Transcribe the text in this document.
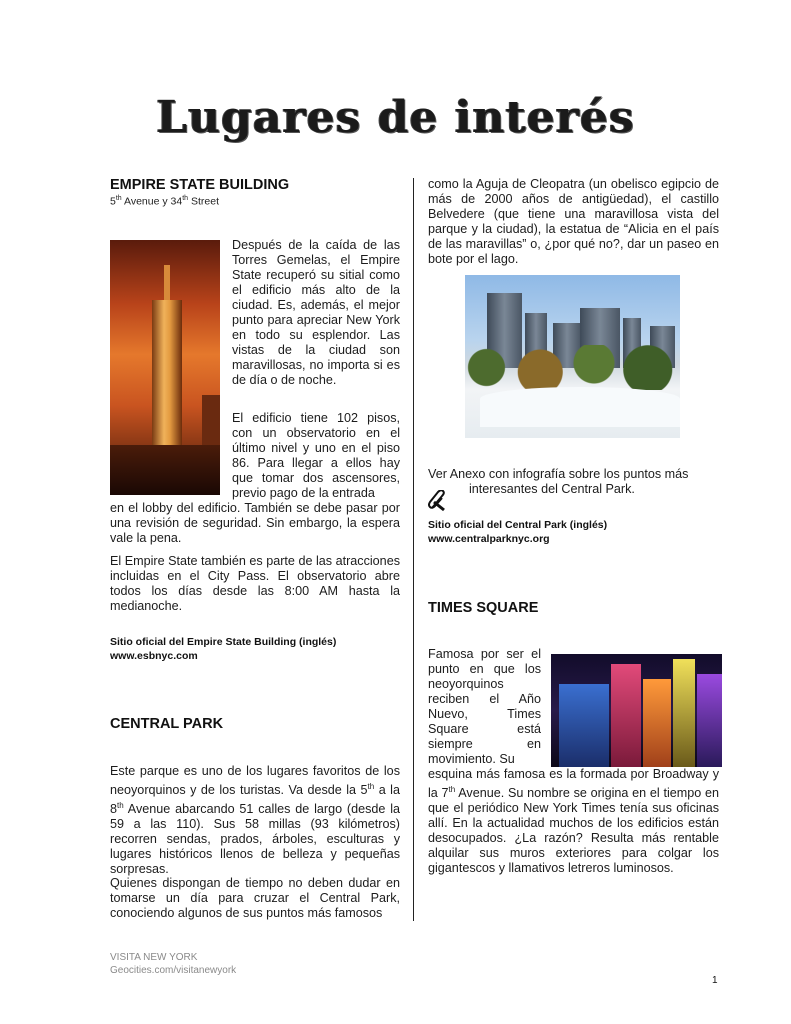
Lugares de interés
EMPIRE STATE BUILDING
5th Avenue y 34th Street
Después de la caída de las Torres Gemelas, el Empire State recuperó su sitial como el edificio más alto de la ciudad. Es, además, el mejor punto para apreciar New York en todo su esplendor. Las vistas de la ciudad son maravillosas, no importa si es de día o de noche.
El edificio tiene 102 pisos, con un observatorio en el último nivel y uno en el piso 86. Para llegar a ellos hay que tomar dos ascensores, previo pago de la entrada
en el lobby del edificio. También se debe pasar por una revisión de seguridad. Sin embargo, la espera vale la pena.
El Empire State también es parte de las atracciones incluidas en el City Pass. El observatorio abre todos los días desde las 8:00 AM hasta la medianoche.
Sitio oficial del Empire State Building (inglés)
www.esbnyc.com
CENTRAL PARK
Este parque es uno de los lugares favoritos de los neoyorquinos y de los turistas. Va desde la 5th a la 8th Avenue abarcando 51 calles de largo (desde la 59 a las 110). Sus 58 millas (93 kilómetros) recorren sendas, prados, árboles, esculturas y lugares históricos llenos de belleza y pequeñas sorpresas.
Quienes dispongan de tiempo no deben dudar en tomarse un día para cruzar el Central Park, conociendo algunos de sus puntos más famosos
como la Aguja de Cleopatra (un obelisco egipcio de más de 2000 años de antigüedad), el castillo Belvedere (que tiene una maravillosa vista del parque y la ciudad), la estatua de “Alicia en el país de las maravillas” o, ¿por qué no?, dar un paseo en bote por el lago.
Ver Anexo con infografía sobre los puntos más
interesantes del Central Park.
Sitio oficial del Central Park (inglés)
www.centralparknyc.org
TIMES SQUARE
Famosa por ser el punto en que los neoyorquinos reciben el Año Nuevo, Times Square está siempre en movimiento. Su
esquina más famosa es la formada por Broadway y la 7th Avenue. Su nombre se origina en el tiempo en que el periódico New York Times tenía sus oficinas allí. En la actualidad muchos de los edificios están desocupados. ¿La razón? Resulta más rentable alquilar sus muros exteriores para colgar los gigantescos y llamativos letreros luminosos.
VISITA NEW YORK
Geocities.com/visitanewyork
1
